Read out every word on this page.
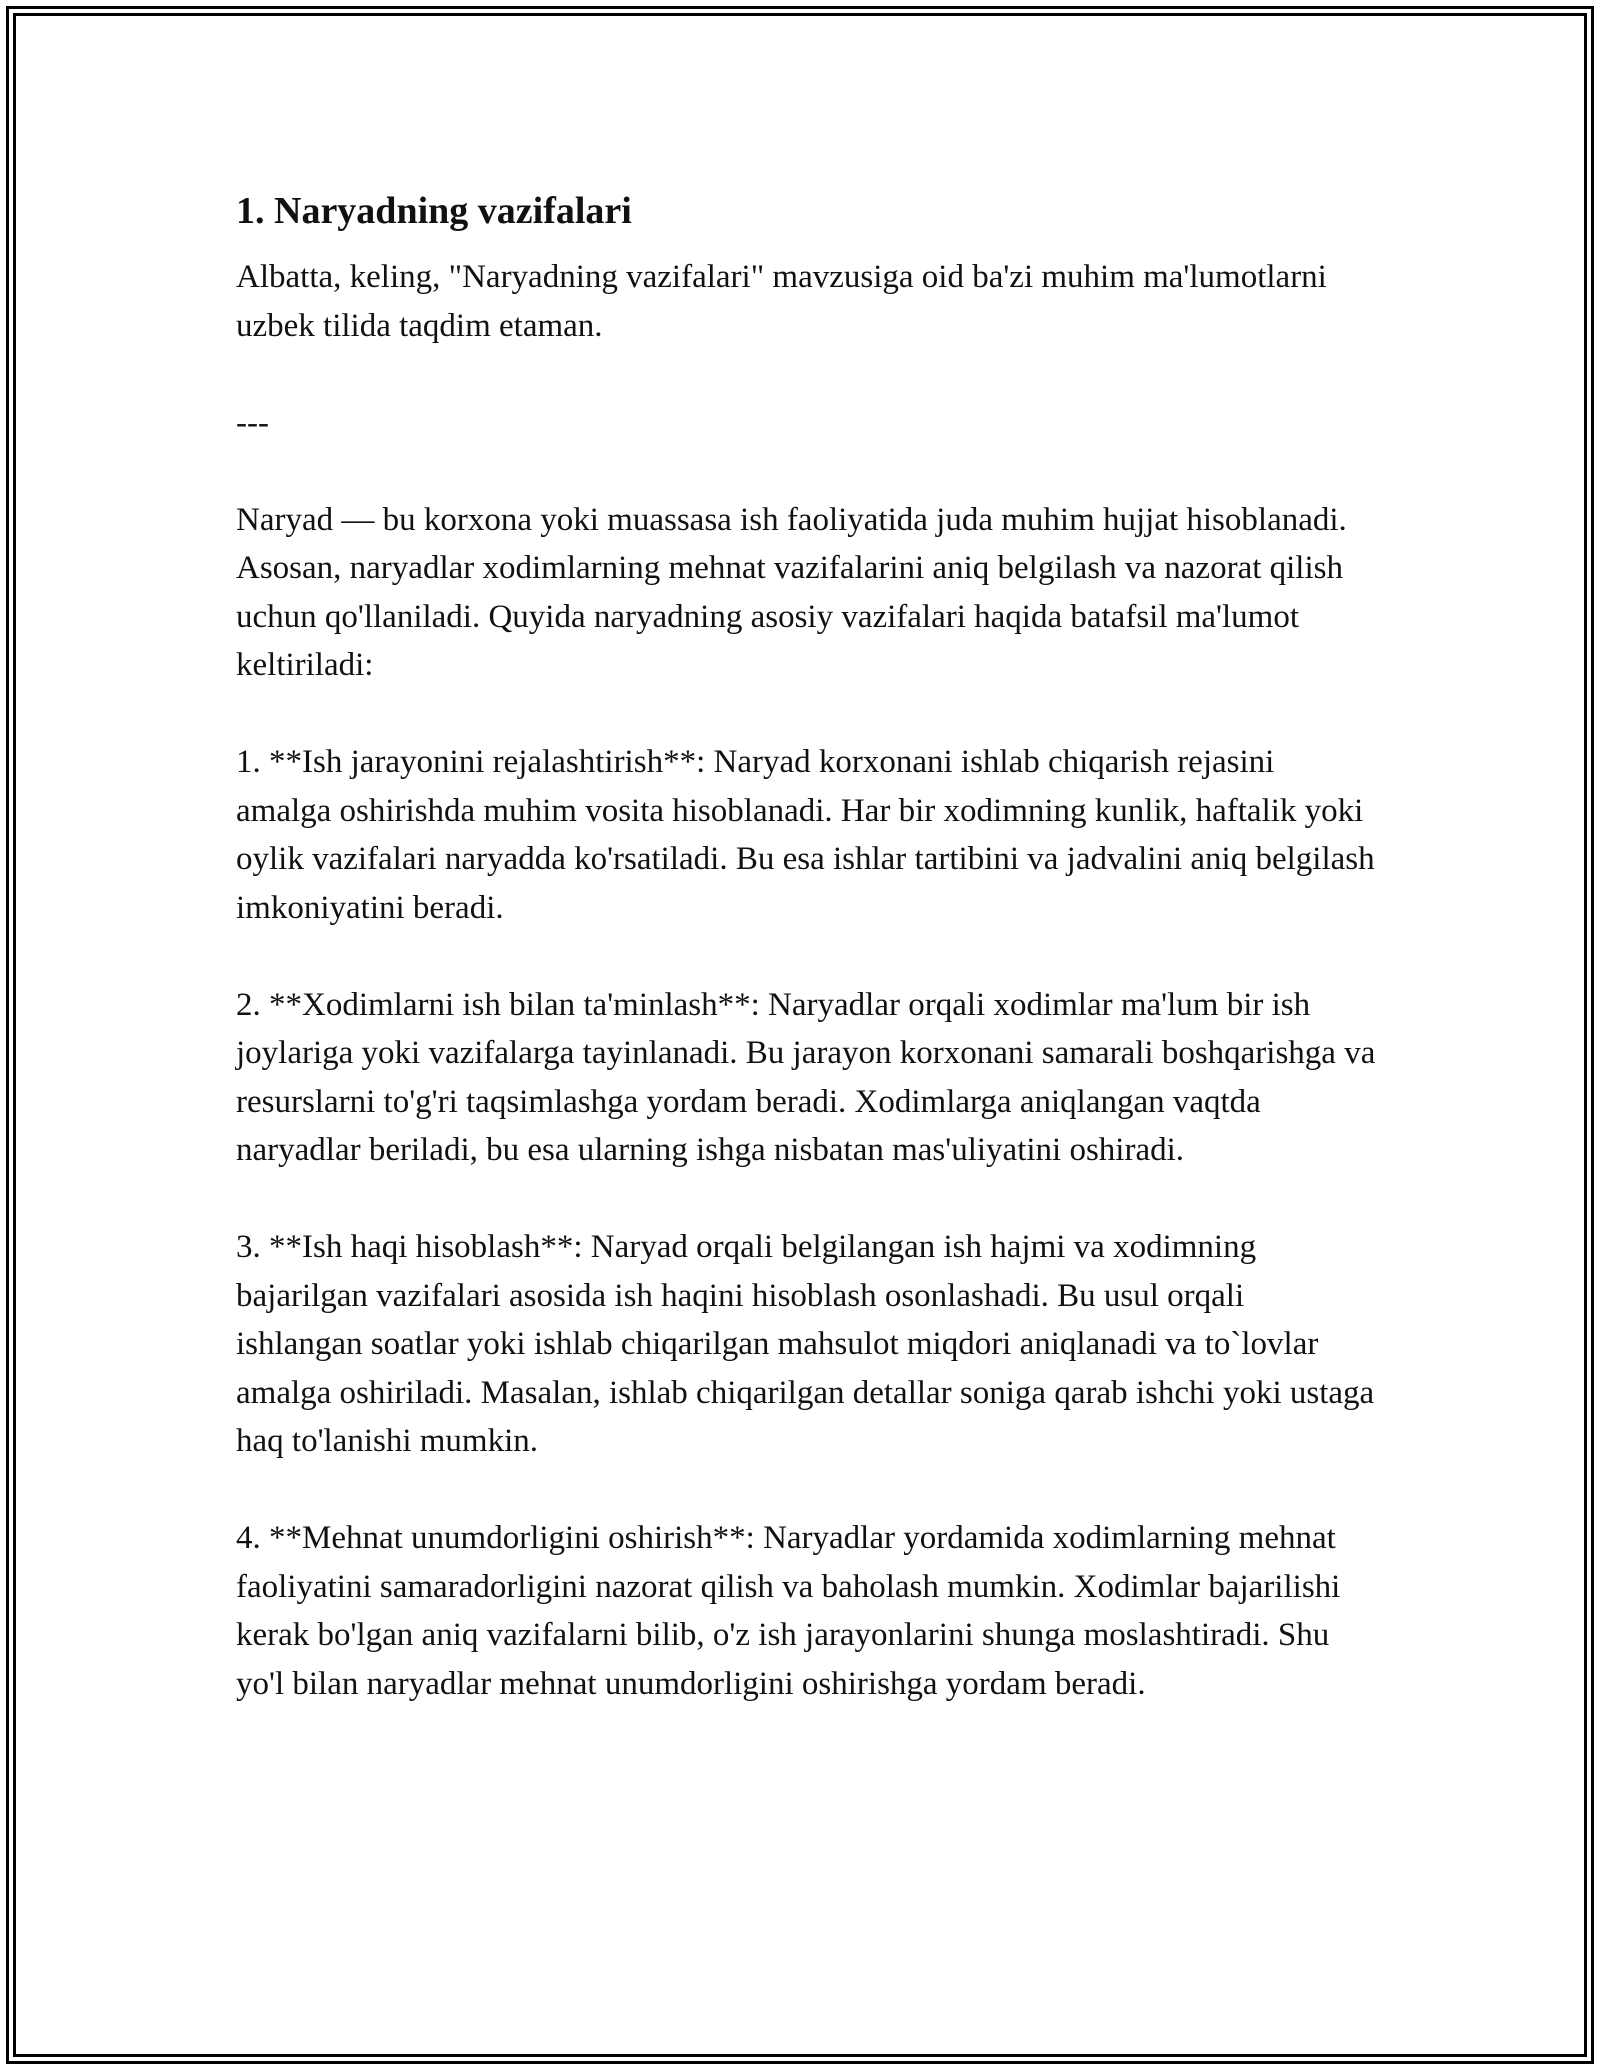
1. Naryadning vazifalari

Albatta, keling, "Naryadning vazifalari" mavzusiga oid ba'zi muhim ma'lumotlarni uzbek tilida taqdim etaman.

---

Naryad — bu korxona yoki muassasa ish faoliyatida juda muhim hujjat hisoblanadi. Asosan, naryadlar xodimlarning mehnat vazifalarini aniq belgilash va nazorat qilish uchun qo'llaniladi. Quyida naryadning asosiy vazifalari haqida batafsil ma'lumot keltiriladi:

1. **Ish jarayonini rejalashtirish**: Naryad korxonani ishlab chiqarish rejasini amalga oshirishda muhim vosita hisoblanadi. Har bir xodimning kunlik, haftalik yoki oylik vazifalari naryadda ko'rsatiladi. Bu esa ishlar tartibini va jadvalini aniq belgilash imkoniyatini beradi.

2. **Xodimlarni ish bilan ta'minlash**: Naryadlar orqali xodimlar ma'lum bir ish joylariga yoki vazifalarga tayinlanadi. Bu jarayon korxonani samarali boshqarishga va resurslarni to'g'ri taqsimlashga yordam beradi. Xodimlarga aniqlangan vaqtda naryadlar beriladi, bu esa ularning ishga nisbatan mas'uliyatini oshiradi.

3. **Ish haqi hisoblash**: Naryad orqali belgilangan ish hajmi va xodimning bajarilgan vazifalari asosida ish haqini hisoblash osonlashadi. Bu usul orqali ishlangan soatlar yoki ishlab chiqarilgan mahsulot miqdori aniqlanadi va to`lovlar amalga oshiriladi. Masalan, ishlab chiqarilgan detallar soniga qarab ishchi yoki ustaga haq to'lanishi mumkin.

4. **Mehnat unumdorligini oshirish**: Naryadlar yordamida xodimlarning mehnat faoliyatini samaradorligini nazorat qilish va baholash mumkin. Xodimlar bajarilishi kerak bo'lgan aniq vazifalarni bilib, o'z ish jarayonlarini shunga moslashtiradi. Shu yo'l bilan naryadlar mehnat unumdorligini oshirishga yordam beradi.
